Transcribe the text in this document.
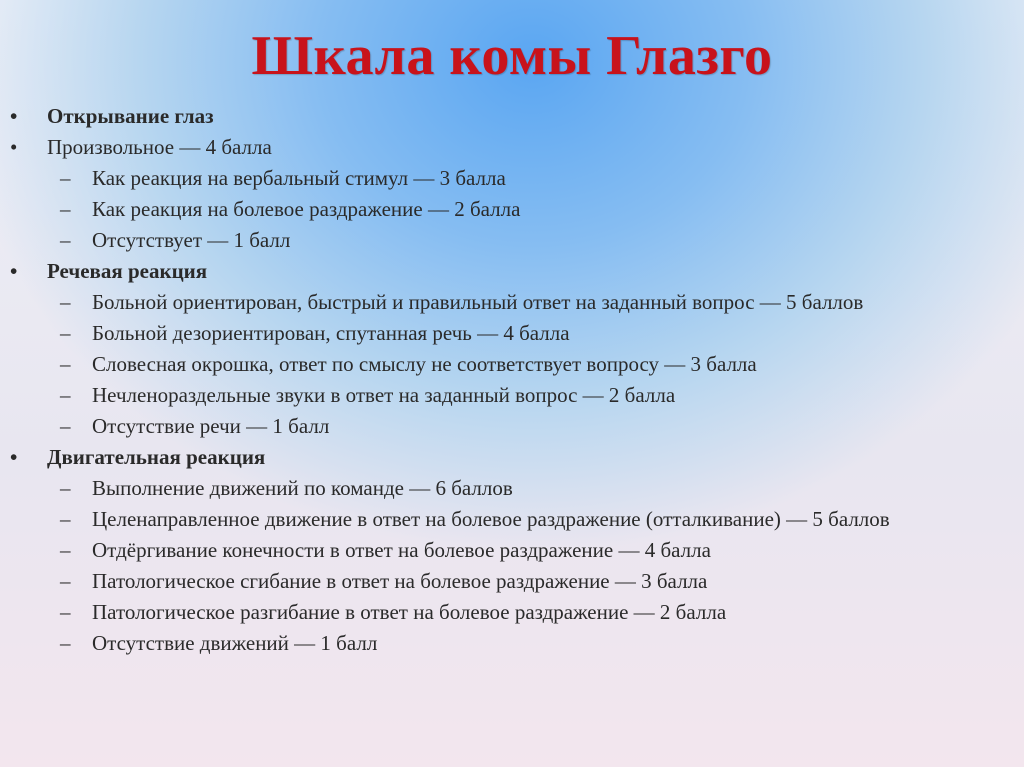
Шкала комы Глазго
• Открывание глаз
• Произвольное — 4 балла
– Как реакция на вербальный стимул — 3 балла
– Как реакция на болевое раздражение — 2 балла
– Отсутствует — 1 балл
• Речевая реакция
– Больной ориентирован, быстрый и правильный ответ на заданный вопрос — 5 баллов
– Больной дезориентирован, спутанная речь — 4 балла
– Словесная окрошка, ответ по смыслу не соответствует вопросу — 3 балла
– Нечленораздельные звуки в ответ на заданный вопрос — 2 балла
– Отсутствие речи — 1 балл
• Двигательная реакция
– Выполнение движений по команде — 6 баллов
– Целенаправленное движение в ответ на болевое раздражение (отталкивание) — 5 баллов
– Отдёргивание конечности в ответ на болевое раздражение — 4 балла
– Патологическое сгибание в ответ на болевое раздражение — 3 балла
– Патологическое разгибание в ответ на болевое раздражение — 2 балла
– Отсутствие движений — 1 балл
